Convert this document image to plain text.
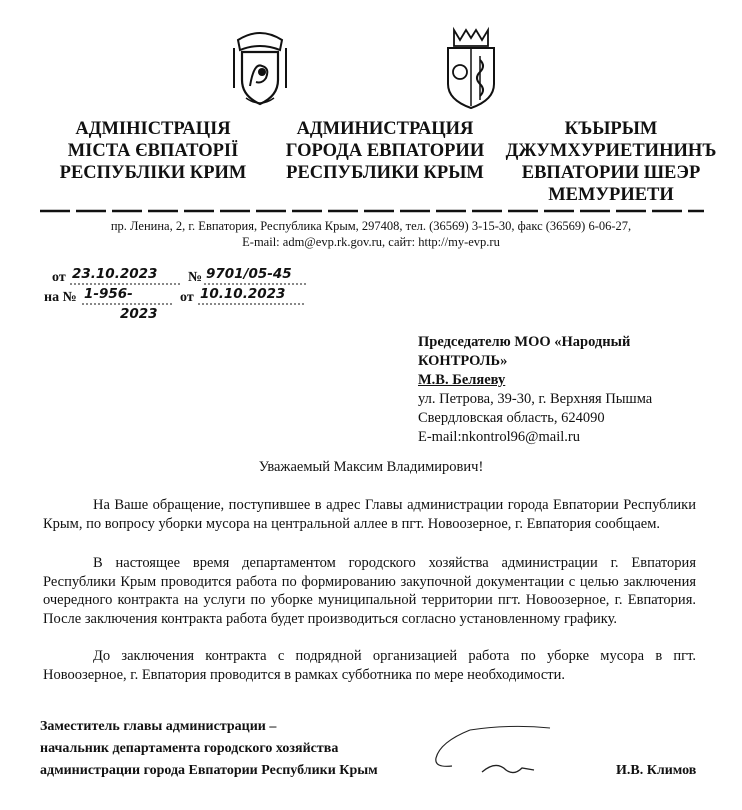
АДМІНІСТРАЦІЯ
МІСТА ЄВПАТОРІЇ
РЕСПУБЛІКИ КРИМ
АДМИНИСТРАЦИЯ
ГОРОДА ЕВПАТОРИИ
РЕСПУБЛИКИ КРЫМ
КЪЫРЫМ
ДЖУМХУРИЕТИНИНЪ
ЕВПАТОРИИ ШЕЭР
МЕМУРИЕТИ
пр. Ленина, 2, г. Евпатория, Республика Крым, 297408, тел. (36569) 3-15-30, факс (36569) 6-06-27,
E-mail: adm@evp.rk.gov.ru, сайт: http://my-evp.ru
от 23.10.2023 № 9701/05-45
на № 1-956-	от 10.10.2023
2023
Председателю МОО «Народный
КОНТРОЛЬ»
М.В. Беляеву
ул. Петрова, 39-30, г. Верхняя Пышма
Свердловская область, 624090
E-mail:nkontrol96@mail.ru
Уважаемый Максим Владимирович!
На Ваше обращение, поступившее в адрес Главы администрации города Евпатории Республики Крым, по вопросу уборки мусора на центральной аллее в пгт. Новоозерное, г. Евпатория сообщаем.
В настоящее время департаментом городского хозяйства администрации г. Евпатория Республики Крым проводится работа по формированию закупочной документации с целью заключения очередного контракта на услуги по уборке муниципальной территории пгт. Новоозерное, г. Евпатория. После заключения контракта работа будет производиться согласно установленному графику.
До заключения контракта с подрядной организацией работа по уборке мусора в пгт. Новоозерное, г. Евпатория проводится в рамках субботника по мере необходимости.
Заместитель главы администрации –
начальник департамента городского хозяйства
администрации города Евпатории Республики Крым	И.В. Климов
